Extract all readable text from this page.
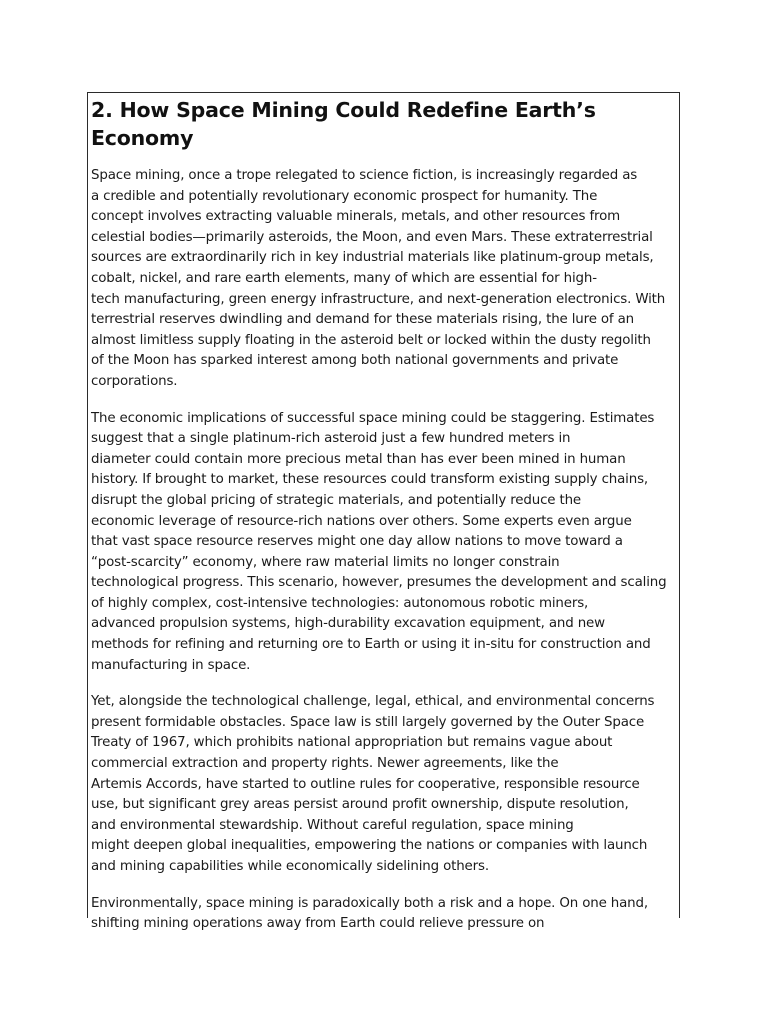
2. How Space Mining Could Redefine Earth’s Economy

Space mining, once a trope relegated to science fiction, is increasingly regarded as
a credible and potentially revolutionary economic prospect for humanity. The
concept involves extracting valuable minerals, metals, and other resources from
celestial bodies—primarily asteroids, the Moon, and even Mars. These extraterrestrial
sources are extraordinarily rich in key industrial materials like platinum-group metals,
cobalt, nickel, and rare earth elements, many of which are essential for high-
tech manufacturing, green energy infrastructure, and next-generation electronics. With
terrestrial reserves dwindling and demand for these materials rising, the lure of an
almost limitless supply floating in the asteroid belt or locked within the dusty regolith
of the Moon has sparked interest among both national governments and private
corporations.

The economic implications of successful space mining could be staggering. Estimates
suggest that a single platinum-rich asteroid just a few hundred meters in
diameter could contain more precious metal than has ever been mined in human
history. If brought to market, these resources could transform existing supply chains,
disrupt the global pricing of strategic materials, and potentially reduce the
economic leverage of resource-rich nations over others. Some experts even argue
that vast space resource reserves might one day allow nations to move toward a
“post-scarcity” economy, where raw material limits no longer constrain
technological progress. This scenario, however, presumes the development and scaling
of highly complex, cost-intensive technologies: autonomous robotic miners,
advanced propulsion systems, high-durability excavation equipment, and new
methods for refining and returning ore to Earth or using it in-situ for construction and
manufacturing in space.

Yet, alongside the technological challenge, legal, ethical, and environmental concerns
present formidable obstacles. Space law is still largely governed by the Outer Space
Treaty of 1967, which prohibits national appropriation but remains vague about
commercial extraction and property rights. Newer agreements, like the
Artemis Accords, have started to outline rules for cooperative, responsible resource
use, but significant grey areas persist around profit ownership, dispute resolution,
and environmental stewardship. Without careful regulation, space mining
might deepen global inequalities, empowering the nations or companies with launch
and mining capabilities while economically sidelining others.

Environmentally, space mining is paradoxically both a risk and a hope. On one hand,
shifting mining operations away from Earth could relieve pressure on
